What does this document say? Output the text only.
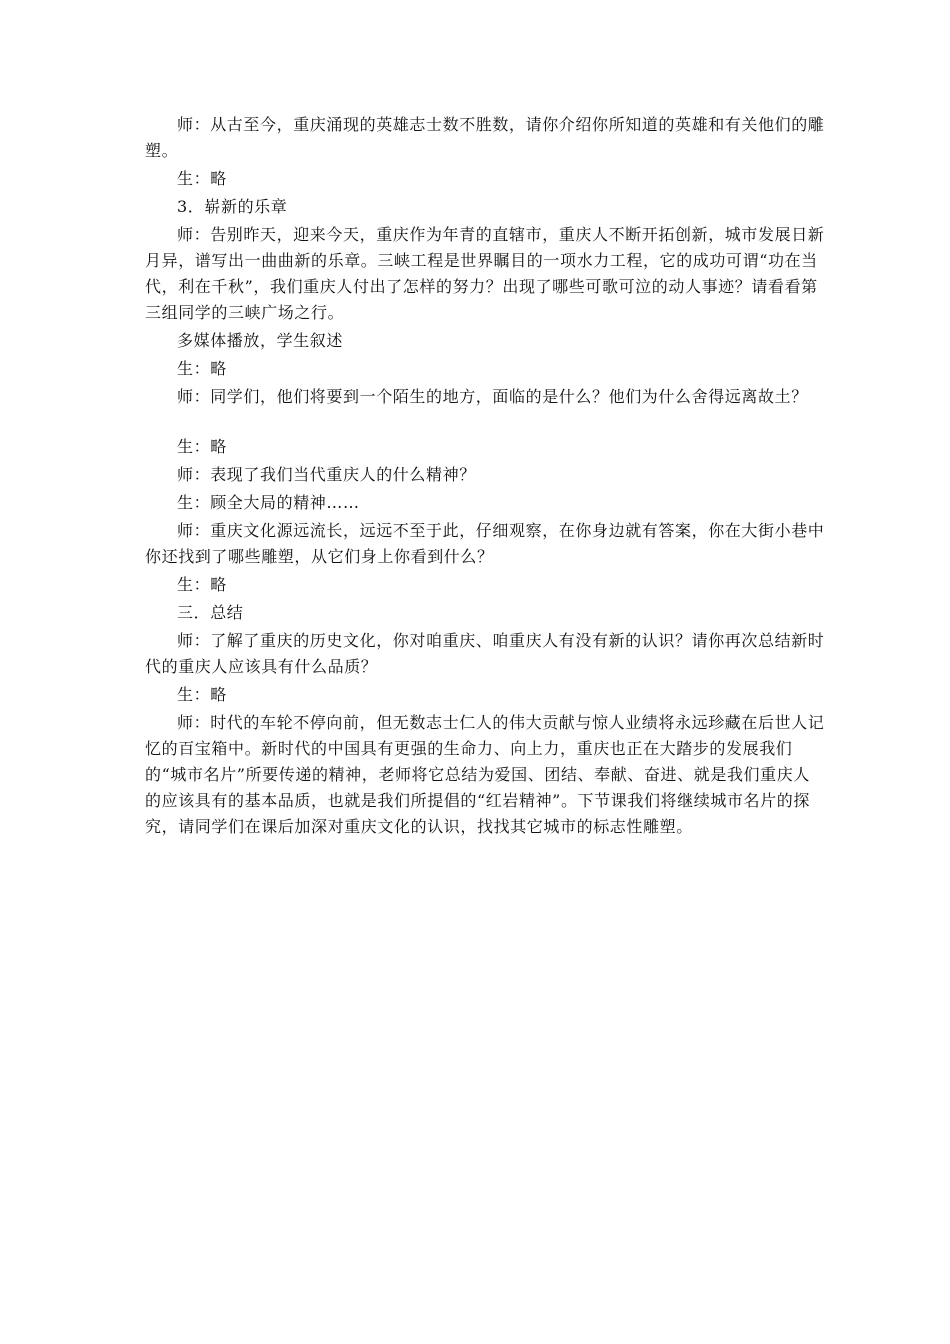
师：从古至今，重庆涌现的英雄志士数不胜数，请你介绍你所知道的英雄和有关他们的雕塑。

生：略

3．崭新的乐章

师：告别昨天，迎来今天，重庆作为年青的直辖市，重庆人不断开拓创新，城市发展日新月异，谱写出一曲曲新的乐章。三峡工程是世界瞩目的一项水力工程，它的成功可谓“功在当代，利在千秋”，我们重庆人付出了怎样的努力？出现了哪些可歌可泣的动人事迹？请看看第三组同学的三峡广场之行。

多媒体播放，学生叙述

生：略

师：同学们，他们将要到一个陌生的地方，面临的是什么？他们为什么舍得远离故土？

生：略

师：表现了我们当代重庆人的什么精神？

生：顾全大局的精神……

师：重庆文化源远流长，远远不至于此，仔细观察，在你身边就有答案，你在大街小巷中你还找到了哪些雕塑，从它们身上你看到什么？

生：略

三．总结

师：了解了重庆的历史文化，你对咱重庆、咱重庆人有没有新的认识？请你再次总结新时代的重庆人应该具有什么品质？

生：略

师：时代的车轮不停向前，但无数志士仁人的伟大贡献与惊人业绩将永远珍藏在后世人记忆的百宝箱中。新时代的中国具有更强的生命力、向上力，重庆也正在大踏步的发展我们的“城市名片”所要传递的精神，老师将它总结为爱国、团结、奉献、奋进、就是我们重庆人的应该具有的基本品质，也就是我们所提倡的“红岩精神”。下节课我们将继续城市名片的探究，请同学们在课后加深对重庆文化的认识，找找其它城市的标志性雕塑。
